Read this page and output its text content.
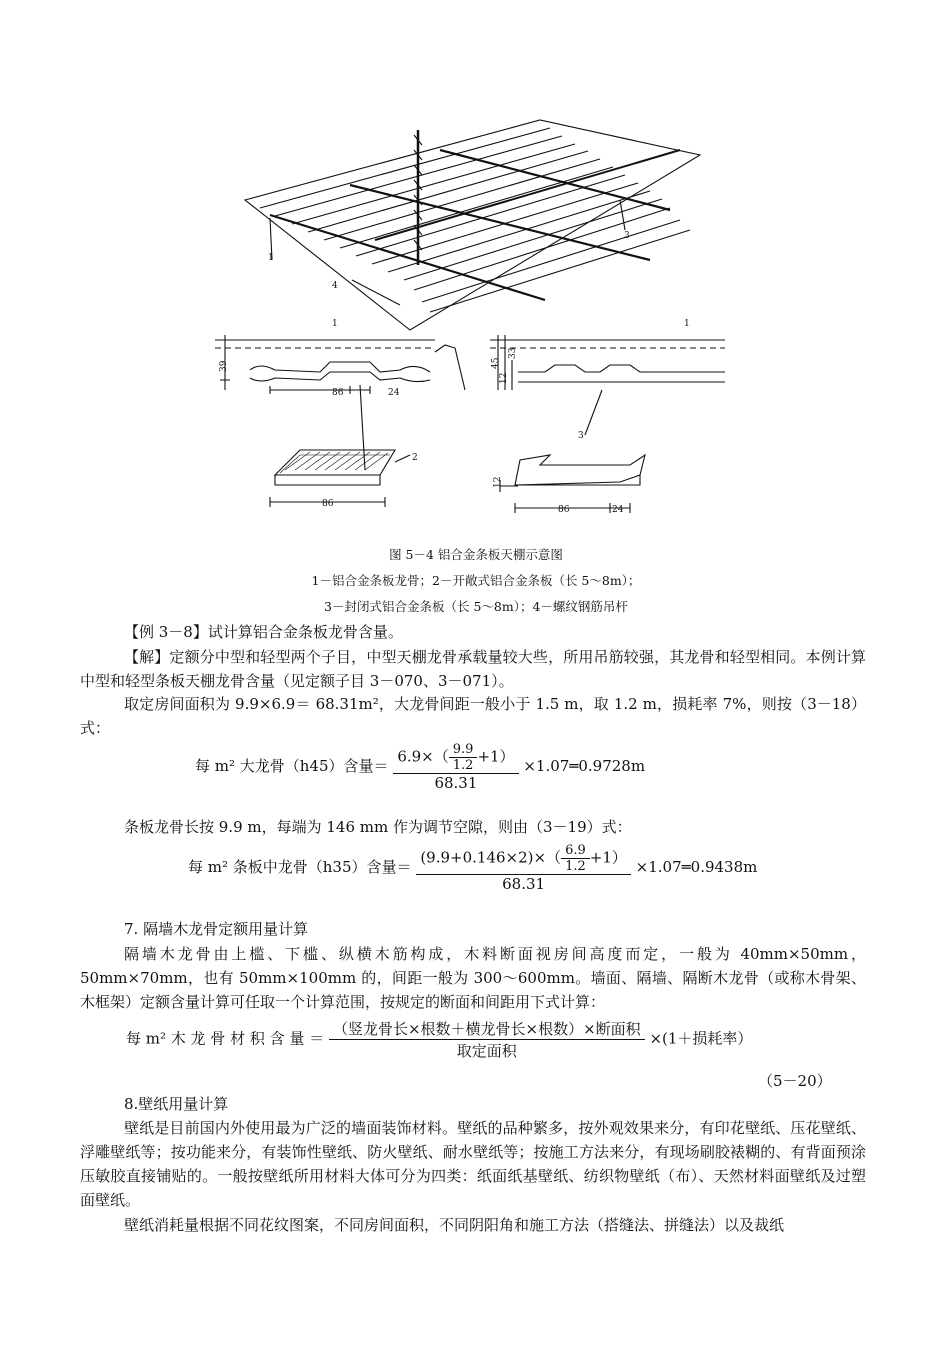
1
2
3
4
1	1
3
39
86	24
45
33
12
86
12
86	24
图 5－4 铝合金条板天棚示意图
1－铝合金条板龙骨；2－开敞式铝合金条板（长 5～8m）；
3－封闭式铝合金条板（长 5～8m）；4－螺纹钢筋吊杆

【例 3－8】试计算铝合金条板龙骨含量。

【解】定额分中型和轻型两个子目，中型天棚龙骨承载量较大些，所用吊筋较强，其龙骨和轻型相同。本例计算中型和轻型条板天棚龙骨含量（见定额子目 3－070、3－071）。

取定房间面积为 9.9×6.9＝ 68.31m²，大龙骨间距一般小于 1.5 m，取 1.2 m，损耗率 7%，则按（3－18）式：

每 m² 大龙骨（h45）含量＝ $\frac{6.9\times( \frac{9.9}{1.2} +1)}{68.31}$ ×1.07═0.9728m

条板龙骨长按 9.9 m，每端为 146 mm 作为调节空隙，则由（3－19）式：

每 m² 条板中龙骨（h35）含量＝ $\frac{(9.9+0.146\times 2)\times( \frac{6.9}{1.2} +1)}{68.31}$ ×1.07═0.9438m

7. 隔墙木龙骨定额用量计算

隔墙木龙骨由上槛、下槛、纵横木筋构成，木料断面视房间高度而定，一般为 40mm×50mm，50mm×70mm，也有 50mm×100mm 的，间距一般为 300～600mm。墙面、隔墙、隔断木龙骨（或称木骨架、木框架）定额含量计算可任取一个计算范围，按规定的断面和间距用下式计算：

每 m² 木 龙 骨 材 积 含 量 ＝ $\frac{\text{（竖龙骨长×根数＋横龙骨长×根数）×断面积}}{\text{取定面积}} \times(1+$损耗率）
（5－20）

8.壁纸用量计算

壁纸是目前国内外使用最为广泛的墙面装饰材料。壁纸的品种繁多，按外观效果来分，有印花壁纸、压花壁纸、浮雕壁纸等；按功能来分，有装饰性壁纸、防火壁纸、耐水壁纸等；按施工方法来分，有现场刷胶裱糊的、有背面预涂压敏胶直接铺贴的。一般按壁纸所用材料大体可分为四类：纸面纸基壁纸、纺织物壁纸（布）、天然材料面壁纸及过塑面壁纸。

壁纸消耗量根据不同花纹图案，不同房间面积，不同阴阳角和施工方法（搭缝法、拼缝法）以及裁纸
